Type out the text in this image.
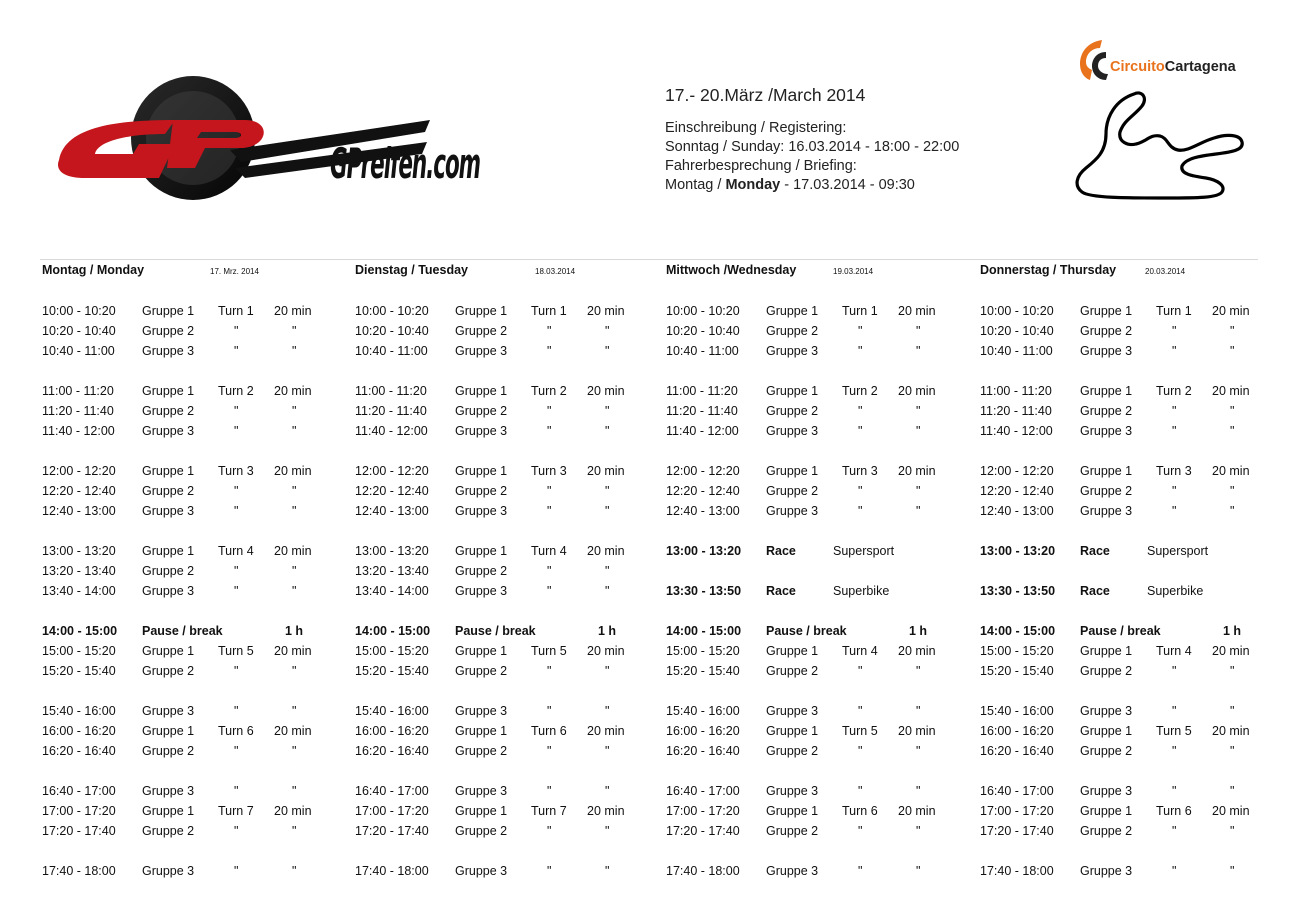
GPreifen.com
CircuitoCartagena
17.- 20.März /March 2014
Einschreibung / Registering:
Sonntag / Sunday: 16.03.2014 - 18:00 - 22:00
Fahrerbesprechung / Briefing:
Montag / Monday - 17.03.2014 - 09:30
Montag / Monday	17. Mrz. 2014
10:00 - 10:20 Gruppe 1 Turn 1 20 min
10:20 - 10:40 Gruppe 2	"	"
10:40 - 11:00 Gruppe 3	"	"
11:00 - 11:20 Gruppe 1 Turn 2 20 min
11:20 - 11:40 Gruppe 2	"	"
11:40 - 12:00 Gruppe 3	"	"
12:00 - 12:20 Gruppe 1 Turn 3 20 min
12:20 - 12:40 Gruppe 2	"	"
12:40 - 13:00 Gruppe 3	"	"
13:00 - 13:20 Gruppe 1 Turn 4 20 min
13:20 - 13:40 Gruppe 2	"	"
13:40 - 14:00 Gruppe 3	"	"
14:00 - 15:00 Pause / break	1 h
15:00 - 15:20 Gruppe 1 Turn 5 20 min
15:20 - 15:40 Gruppe 2	"	"
15:40 - 16:00 Gruppe 3	"	"
16:00 - 16:20 Gruppe 1 Turn 6 20 min
16:20 - 16:40 Gruppe 2	"	"
16:40 - 17:00 Gruppe 3	"	"
17:00 - 17:20 Gruppe 1 Turn 7 20 min
17:20 - 17:40 Gruppe 2	"	"
17:40 - 18:00 Gruppe 3	"	"
Dienstag / Tuesday	18.03.2014
10:00 - 10:20 Gruppe 1 Turn 1 20 min
10:20 - 10:40 Gruppe 2	"	"
10:40 - 11:00 Gruppe 3	"	"
11:00 - 11:20 Gruppe 1 Turn 2 20 min
11:20 - 11:40 Gruppe 2	"	"
11:40 - 12:00 Gruppe 3	"	"
12:00 - 12:20 Gruppe 1 Turn 3 20 min
12:20 - 12:40 Gruppe 2	"	"
12:40 - 13:00 Gruppe 3	"	"
13:00 - 13:20 Gruppe 1 Turn 4 20 min
13:20 - 13:40 Gruppe 2	"	"
13:40 - 14:00 Gruppe 3	"	"
14:00 - 15:00 Pause / break	1 h
15:00 - 15:20 Gruppe 1 Turn 5 20 min
15:20 - 15:40 Gruppe 2	"	"
15:40 - 16:00 Gruppe 3	"	"
16:00 - 16:20 Gruppe 1 Turn 6 20 min
16:20 - 16:40 Gruppe 2	"	"
16:40 - 17:00 Gruppe 3	"	"
17:00 - 17:20 Gruppe 1 Turn 7 20 min
17:20 - 17:40 Gruppe 2	"	"
17:40 - 18:00 Gruppe 3	"	"
Mittwoch /Wednesday	19.03.2014
10:00 - 10:20 Gruppe 1 Turn 1 20 min
10:20 - 10:40 Gruppe 2	"	"
10:40 - 11:00 Gruppe 3	"	"
11:00 - 11:20 Gruppe 1 Turn 2 20 min
11:20 - 11:40 Gruppe 2	"	"
11:40 - 12:00 Gruppe 3	"	"
12:00 - 12:20 Gruppe 1 Turn 3 20 min
12:20 - 12:40 Gruppe 2	"	"
12:40 - 13:00 Gruppe 3	"	"
13:00 - 13:20 Race	Supersport
13:30 - 13:50 Race	Superbike
14:00 - 15:00 Pause / break	1 h
15:00 - 15:20 Gruppe 1 Turn 4 20 min
15:20 - 15:40 Gruppe 2	"	"
15:40 - 16:00 Gruppe 3	"	"
16:00 - 16:20 Gruppe 1 Turn 5 20 min
16:20 - 16:40 Gruppe 2	"	"
16:40 - 17:00 Gruppe 3	"	"
17:00 - 17:20 Gruppe 1 Turn 6 20 min
17:20 - 17:40 Gruppe 2	"	"
17:40 - 18:00 Gruppe 3	"	"
Donnerstag / Thursday	20.03.2014
10:00 - 10:20 Gruppe 1 Turn 1 20 min
10:20 - 10:40 Gruppe 2	"	"
10:40 - 11:00 Gruppe 3	"	"
11:00 - 11:20 Gruppe 1 Turn 2 20 min
11:20 - 11:40 Gruppe 2	"	"
11:40 - 12:00 Gruppe 3	"	"
12:00 - 12:20 Gruppe 1 Turn 3 20 min
12:20 - 12:40 Gruppe 2	"	"
12:40 - 13:00 Gruppe 3	"	"
13:00 - 13:20 Race	Supersport
13:30 - 13:50 Race	Superbike
14:00 - 15:00 Pause / break	1 h
15:00 - 15:20 Gruppe 1 Turn 4 20 min
15:20 - 15:40 Gruppe 2	"	"
15:40 - 16:00 Gruppe 3	"	"
16:00 - 16:20 Gruppe 1 Turn 5 20 min
16:20 - 16:40 Gruppe 2	"	"
16:40 - 17:00 Gruppe 3	"	"
17:00 - 17:20 Gruppe 1 Turn 6 20 min
17:20 - 17:40 Gruppe 2	"	"
17:40 - 18:00 Gruppe 3	"	"
